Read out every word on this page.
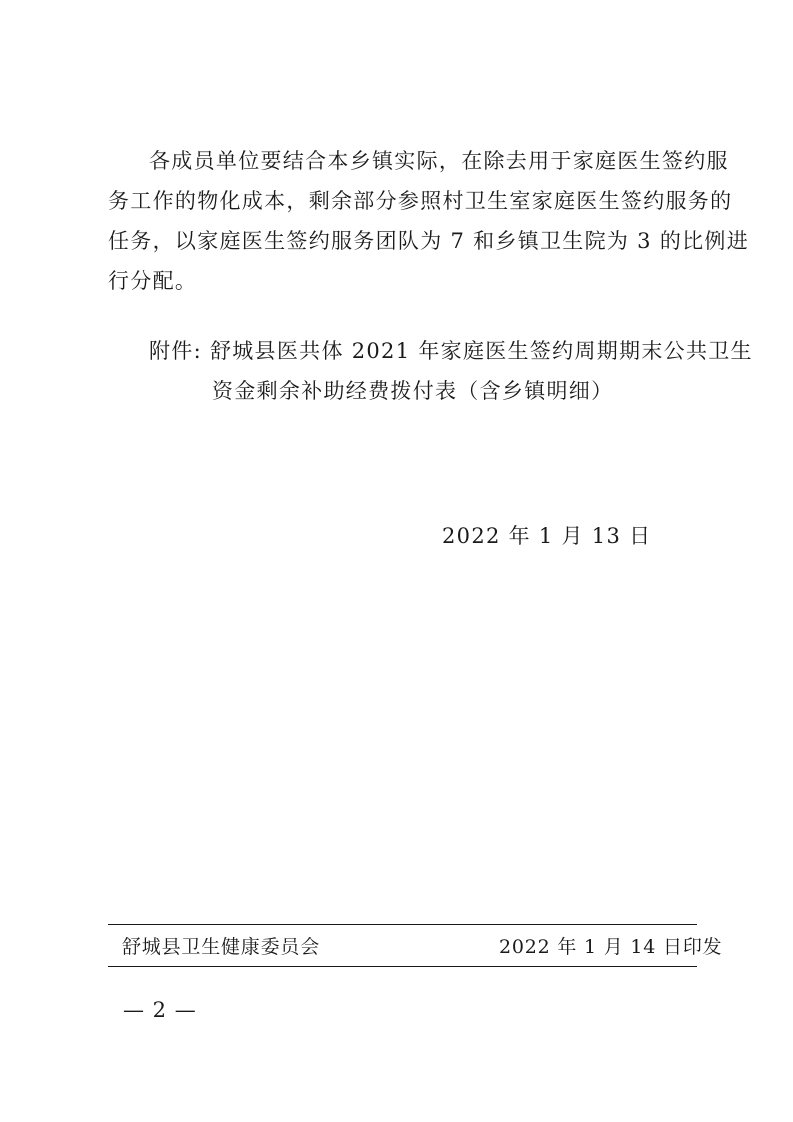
各成员单位要结合本乡镇实际，在除去用于家庭医生签约服
务工作的物化成本，剩余部分参照村卫生室家庭医生签约服务的
任务，以家庭医生签约服务团队为 7 和乡镇卫生院为 3 的比例进
行分配。
附件: 舒城县医共体 2021 年家庭医生签约周期期末公共卫生
资金剩余补助经费拨付表（含乡镇明细）
2022 年 1 月 13 日
舒城县卫生健康委员会	2022 年 1 月 14 日印发
— 2 —
